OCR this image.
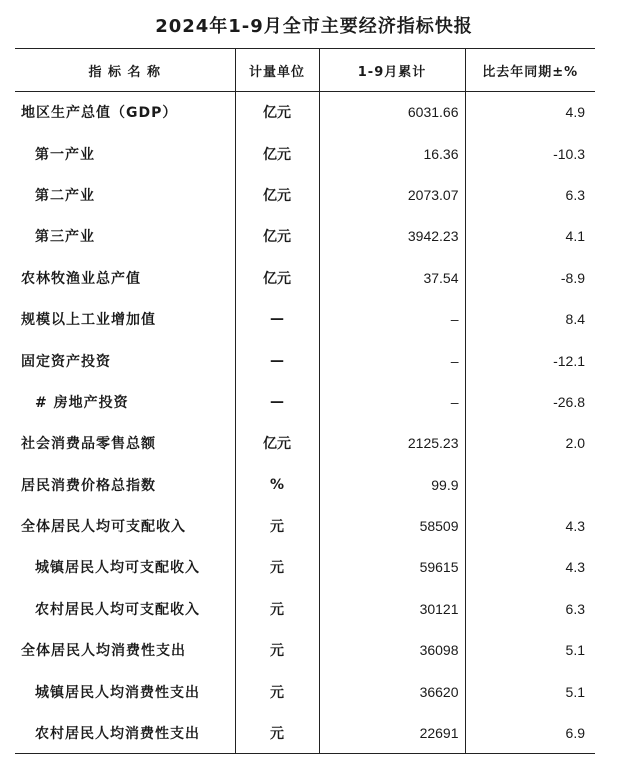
2024年1-9月全市主要经济指标快报
指 标 名 称	计量单位	1-9月累计	比去年同期±%
地区生产总值（GDP）	亿元	6031.66	4.9
第一产业	亿元	16.36	-10.3
第二产业	亿元	2073.07	6.3
第三产业	亿元	3942.23	4.1
农林牧渔业总产值	亿元	37.54	-8.9
规模以上工业增加值	—	–	8.4
固定资产投资	—	–	-12.1
# 房地产投资	—	–	-26.8
社会消费品零售总额	亿元	2125.23	2.0
居民消费价格总指数	%	99.9	
全体居民人均可支配收入	元	58509	4.3
城镇居民人均可支配收入	元	59615	4.3
农村居民人均可支配收入	元	30121	6.3
全体居民人均消费性支出	元	36098	5.1
城镇居民人均消费性支出	元	36620	5.1
农村居民人均消费性支出	元	22691	6.9
